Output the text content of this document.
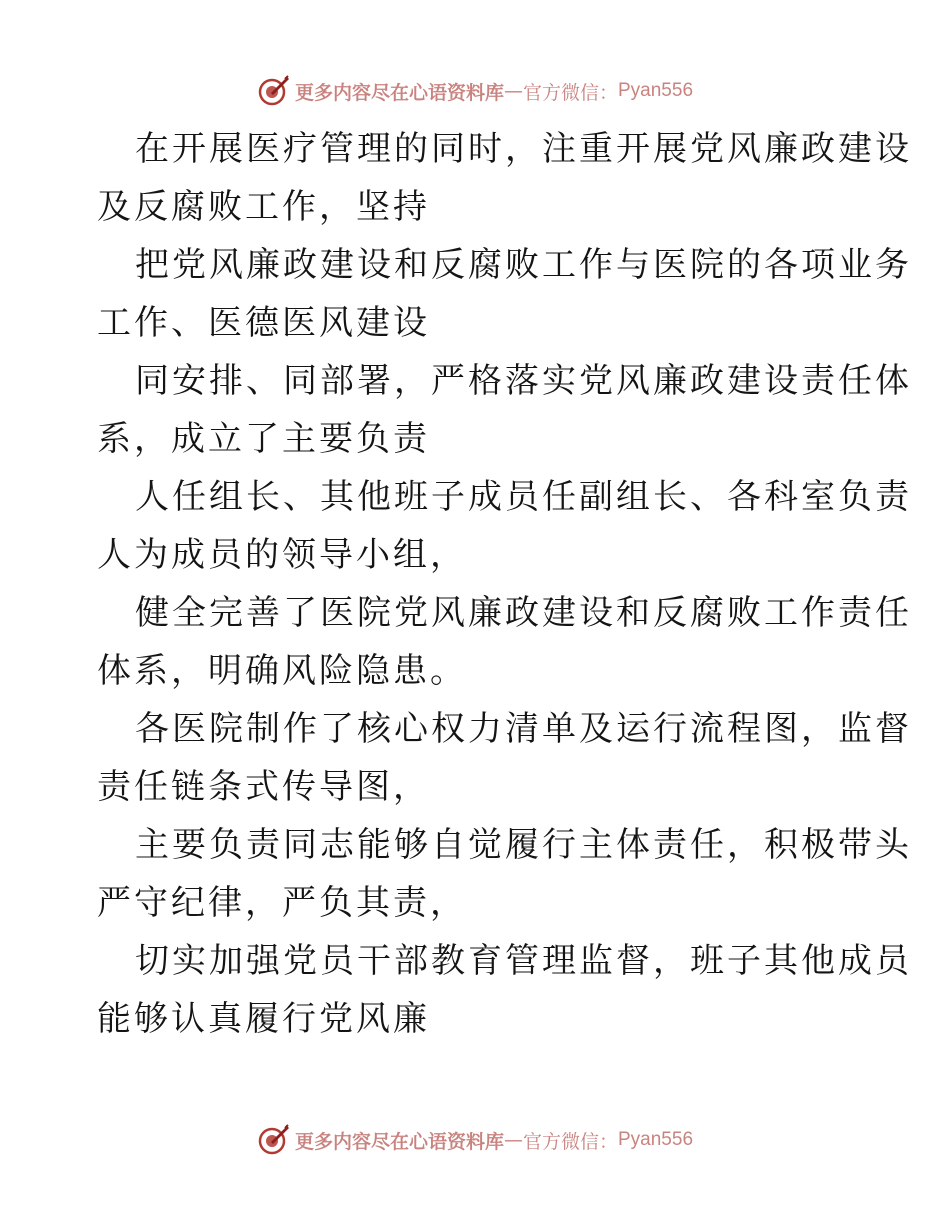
更多内容尽在心语资料库 — 官方微信： Pyan556

在开展医疗管理的同时，注重开展党风廉政建设
及反腐败工作，坚持

把党风廉政建设和反腐败工作与医院的各项业务
工作、医德医风建设

同安排、同部署，严格落实党风廉政建设责任体
系，成立了主要负责

人任组长、其他班子成员任副组长、各科室负责
人为成员的领导小组，

健全完善了医院党风廉政建设和反腐败工作责任
体系，明确风险隐患。

各医院制作了核心权力清单及运行流程图，监督
责任链条式传导图，

主要负责同志能够自觉履行主体责任，积极带头
严守纪律，严负其责，

切实加强党员干部教育管理监督，班子其他成员
能够认真履行党风廉

更多内容尽在心语资料库 — 官方微信： Pyan556
